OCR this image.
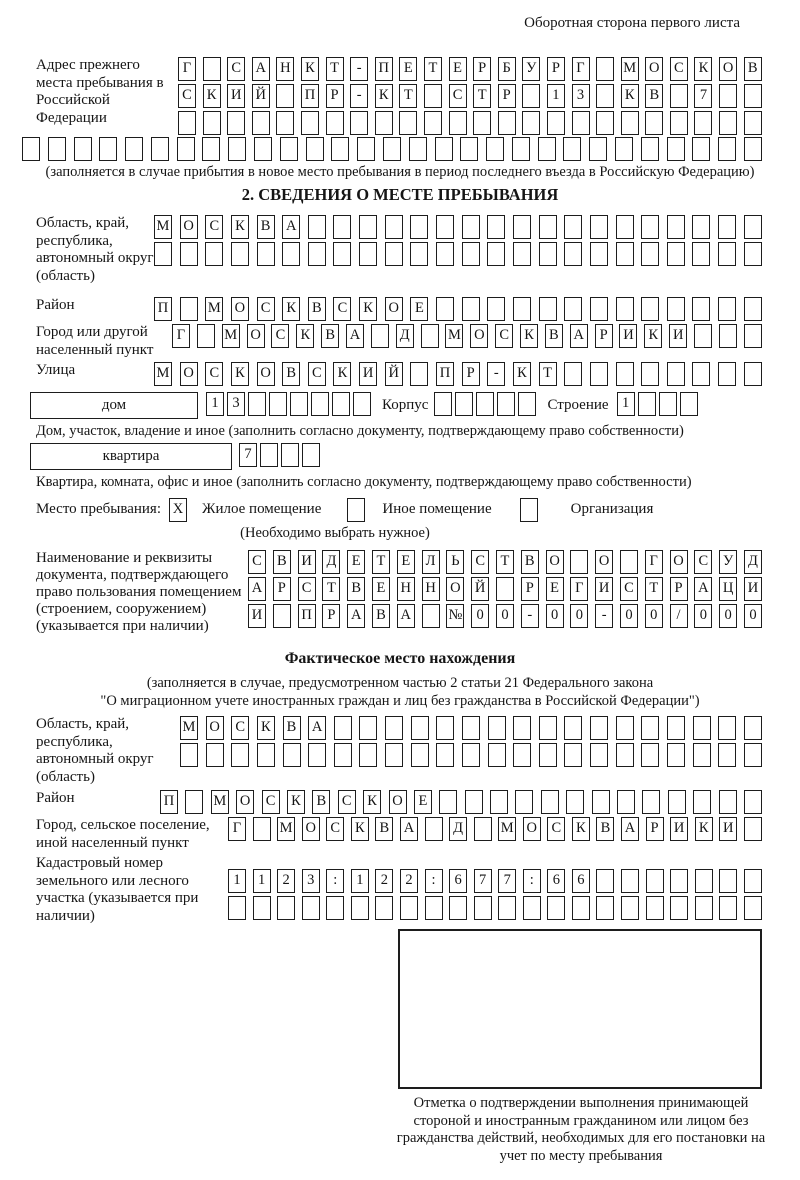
Оборотная сторона первого листа
Адрес прежнего места пребывания в Российской Федерации
Г	С А Н К	Т	-	П	Е	Т	Е	Р	Б	У	Р	Г	М О С К О В
С К И Й	П	Р	-	К	Т	С	Т	Р	1	3	К В	7
(заполняется в случае прибытия в новое место пребывания в период последнего въезда в Российскую Федерацию)
2. СВЕДЕНИЯ О МЕСТЕ ПРЕБЫВАНИЯ
Область, край, республика, автономный округ (область)
М О С К В А
Район	П	М О С К В С К О	Е
Город или другой населенный пункт
Г	М О С К В А	Д	М О С К В А	Р	И К И
Улица	М О С К О В С К И Й	П	Р	-	К	Т
дом	1 3	Корпус	Строение 1
Дом, участок, владение и иное (заполнить согласно документу, подтверждающему право собственности)
квартира	7
Квартира, комната, офис и иное (заполнить согласно документу, подтверждающему право собственности)
Место пребывания: X Жилое помещение	Иное помещение	Организация
(Необходимо выбрать нужное)
Наименование и реквизиты документа, подтверждающего право пользования помещением (строением, сооружением) (указывается при наличии)
С В И Д	Е	Т	Е	Л	Ь	С	Т	В О	О	Г	О С У Д
А	Р	С	Т	В	Е	Н Н О Й	Р	Е	Г	И С	Т	Р	А Ц И
И	П	Р	А В А	№ 0	0	-	0	0	-	0	0	/	0	0	0
Фактическое место нахождения
(заполняется в случае, предусмотренном частью 2 статьи 21 Федерального закона
"О миграционном учете иностранных граждан и лиц без гражданства в Российской Федерации")
Область, край, республика, автономный округ (область)
М О С К В А
Район	П	М О С К В С К О	Е
Город, сельское поселение, иной населенный пункт
Г	М О С К В А	Д	М О С К В А	Р	И К И
Кадастровый номер земельного или лесного участка (указывается при наличии)
1	1	2	3	:	1	2	2	:	6	7	7	:	6	6
Отметка о подтверждении выполнения принимающей стороной и иностранным гражданином или лицом без гражданства действий, необходимых для его постановки на учет по месту пребывания
